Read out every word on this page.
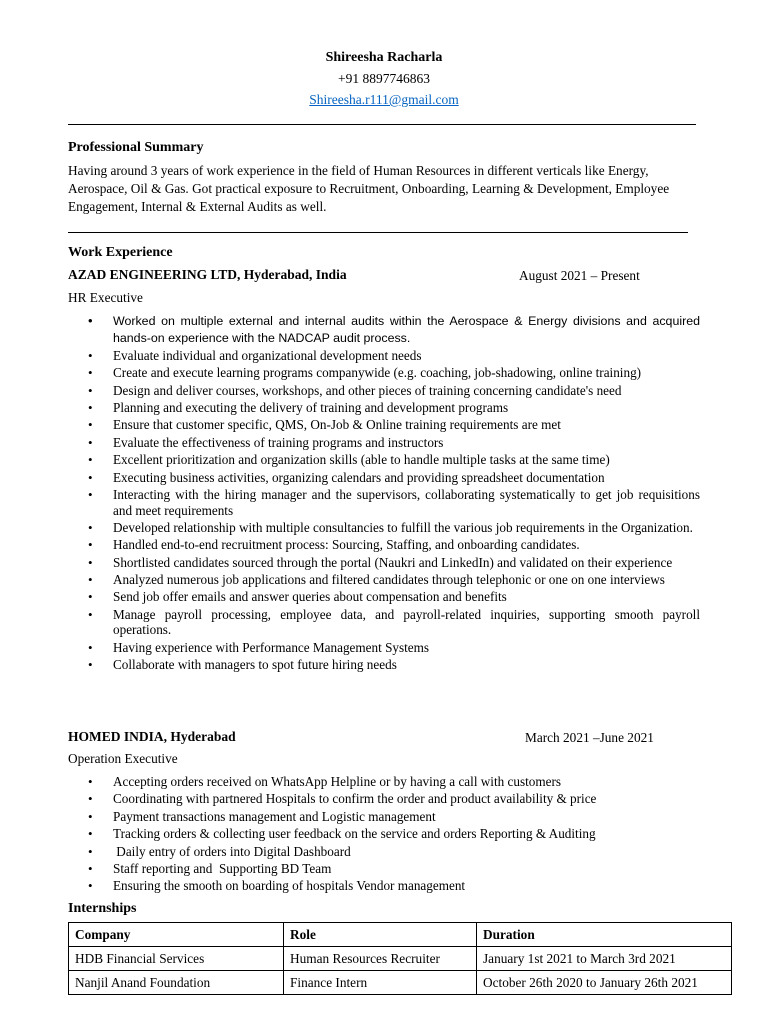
Shireesha Racharla
+91 8897746863
Shireesha.r111@gmail.com
Professional Summary
Having around 3 years of work experience in the field of Human Resources in different verticals like Energy, Aerospace, Oil & Gas. Got practical exposure to Recruitment, Onboarding, Learning & Development, Employee Engagement, Internal & External Audits as well.
Work Experience
AZAD ENGINEERING LTD, Hyderabad, India	August 2021 – Present
HR Executive
• Worked on multiple external and internal audits within the Aerospace & Energy divisions and acquired hands-on experience with the NADCAP audit process.
• Evaluate individual and organizational development needs
• Create and execute learning programs companywide (e.g. coaching, job-shadowing, online training)
• Design and deliver courses, workshops, and other pieces of training concerning candidate's need
• Planning and executing the delivery of training and development programs
• Ensure that customer specific, QMS, On-Job & Online training requirements are met
• Evaluate the effectiveness of training programs and instructors
• Excellent prioritization and organization skills (able to handle multiple tasks at the same time)
• Executing business activities, organizing calendars and providing spreadsheet documentation
• Interacting with the hiring manager and the supervisors, collaborating systematically to get job requisitions and meet requirements
• Developed relationship with multiple consultancies to fulfill the various job requirements in the Organization.
• Handled end-to-end recruitment process: Sourcing, Staffing, and onboarding candidates.
• Shortlisted candidates sourced through the portal (Naukri and LinkedIn) and validated on their experience
• Analyzed numerous job applications and filtered candidates through telephonic or one on one interviews
• Send job offer emails and answer queries about compensation and benefits
• Manage payroll processing, employee data, and payroll-related inquiries, supporting smooth payroll operations.
• Having experience with Performance Management Systems
• Collaborate with managers to spot future hiring needs
HOMED INDIA, Hyderabad	March 2021 –June 2021
Operation Executive
• Accepting orders received on WhatsApp Helpline or by having a call with customers
• Coordinating with partnered Hospitals to confirm the order and product availability & price
• Payment transactions management and Logistic management
• Tracking orders & collecting user feedback on the service and orders Reporting & Auditing
• Daily entry of orders into Digital Dashboard
• Staff reporting and  Supporting BD Team
• Ensuring the smooth on boarding of hospitals Vendor management
Internships
Company	Role	Duration
HDB Financial Services	Human Resources Recruiter	January 1st 2021 to March 3rd 2021
Nanjil Anand Foundation	Finance Intern	October 26th 2020 to January 26th 2021
